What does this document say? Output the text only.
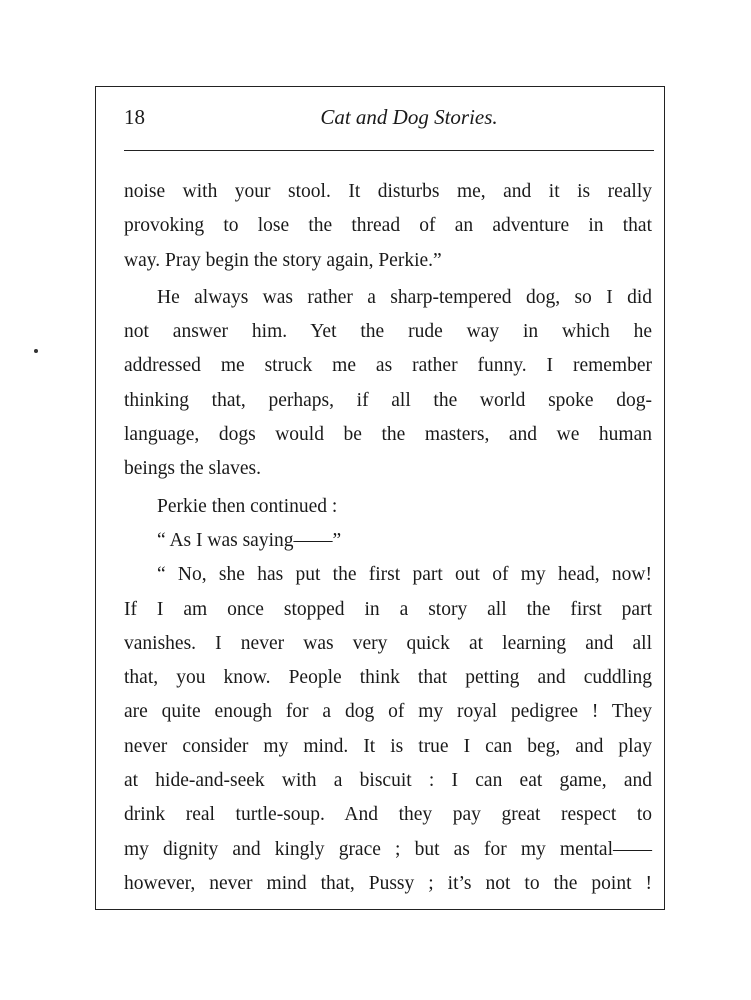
18	Cat and Dog Stories.
noise with your stool. It disturbs me, and it is really
provoking to lose the thread of an adventure in that
way. Pray begin the story again, Perkie.”
He always was rather a sharp-tempered dog, so I did
not answer him. Yet the rude way in which he
addressed me struck me as rather funny. I remember
thinking that, perhaps, if all the world spoke dog-
language, dogs would be the masters, and we human
beings the slaves.
Perkie then continued :
“ As I was saying——”
“ No, she has put the first part out of my head, now!
If I am once stopped in a story all the first part
vanishes. I never was very quick at learning and all
that, you know. People think that petting and cuddling
are quite enough for a dog of my royal pedigree ! They
never consider my mind. It is true I can beg, and play
at hide-and-seek with a biscuit : I can eat game, and
drink real turtle-soup. And they pay great respect to
my dignity and kingly grace ; but as for my mental——
however, never mind that, Pussy ; it’s not to the point !
